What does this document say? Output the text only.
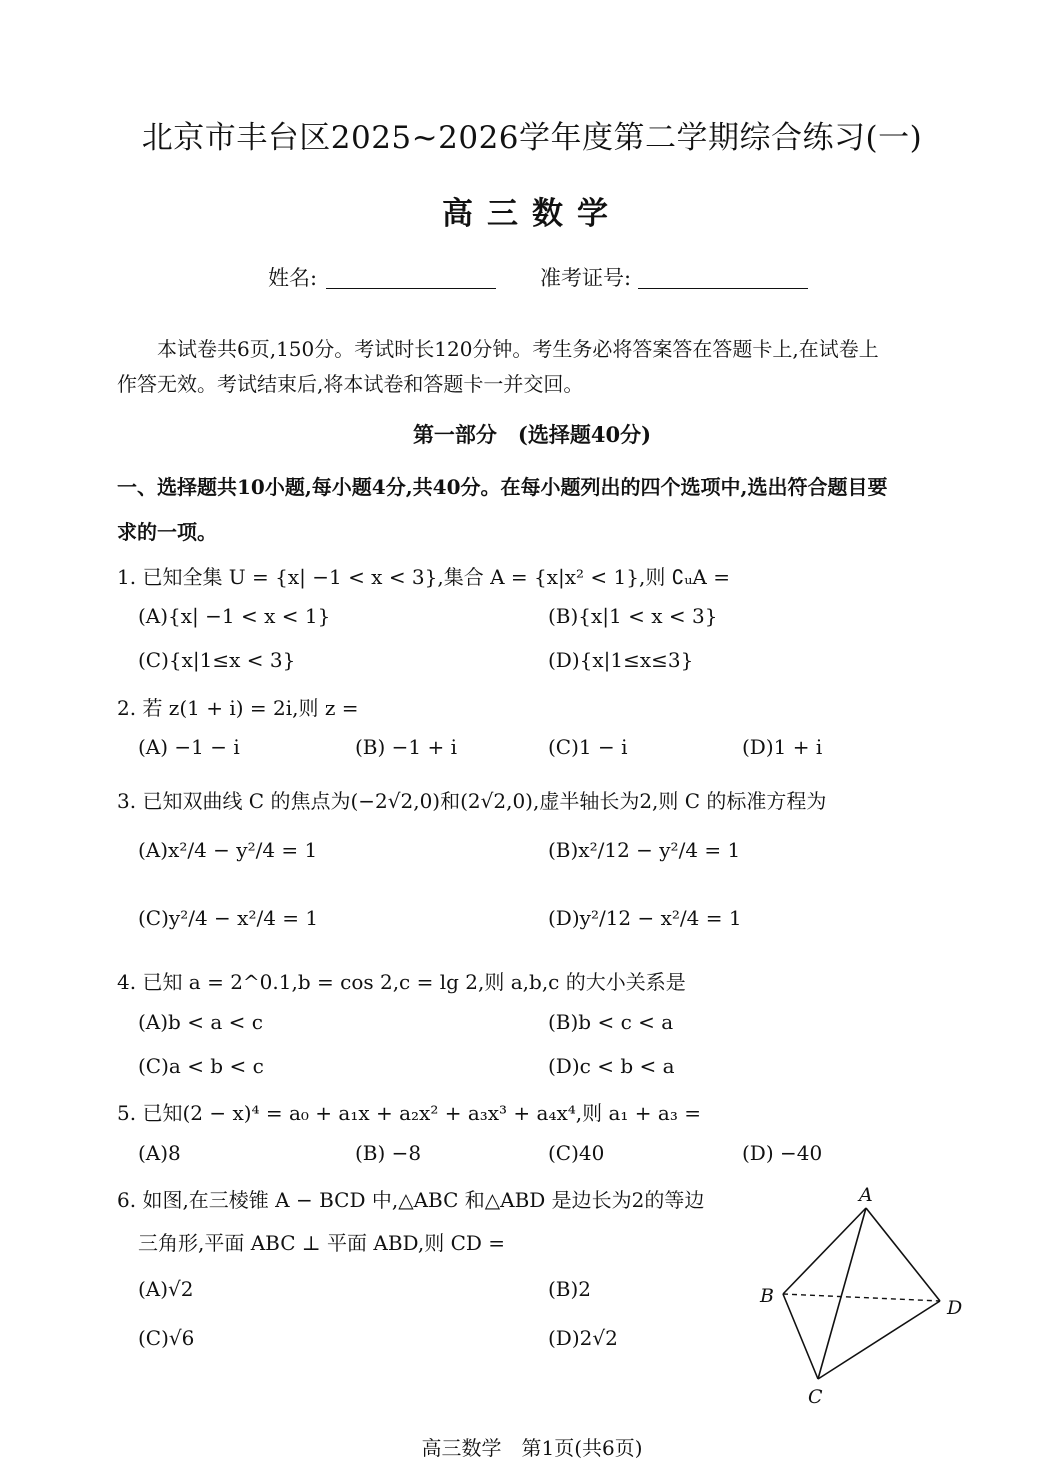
北京市丰台区2025~2026学年度第二学期综合练习(一)
高三数学
姓名:	准考证号:
本试卷共6页,150分。考试时长120分钟。考生务必将答案答在答题卡上,在试卷上
作答无效。考试结束后,将本试卷和答题卡一并交回。
第一部分　(选择题40分)
一、选择题共10小题,每小题4分,共40分。在每小题列出的四个选项中,选出符合题目要
求的一项。
1. 已知全集 U = {x| −1 < x < 3},集合 A = {x|x² < 1},则 ∁ᵤA =
(A){x| −1 < x < 1}	(B){x|1 < x < 3}
(C){x|1≤x < 3}	(D){x|1≤x≤3}
2. 若 z(1 + i) = 2i,则 z =
(A) −1 − i	(B) −1 + i	(C)1 − i	(D)1 + i
3. 已知双曲线 C 的焦点为(−2√2,0)和(2√2,0),虚半轴长为2,则 C 的标准方程为
(A)x²/4 − y²/4 = 1	(B)x²/12 − y²/4 = 1
(C)y²/4 − x²/4 = 1	(D)y²/12 − x²/4 = 1
4. 已知 a = 2^0.1,b = cos 2,c = lg 2,则 a,b,c 的大小关系是
(A)b < a < c	(B)b < c < a
(C)a < b < c	(D)c < b < a
5. 已知(2 − x)⁴ = a₀ + a₁x + a₂x² + a₃x³ + a₄x⁴,则 a₁ + a₃ =
(A)8	(B) −8	(C)40	(D) −40
6. 如图,在三棱锥 A − BCD 中,△ABC 和△ABD 是边长为2的等边
三角形,平面 ABC ⊥ 平面 ABD,则 CD =
(A)√2	(B)2
(C)√6	(D)2√2
A
B
D
C
高三数学　第1页(共6页)
